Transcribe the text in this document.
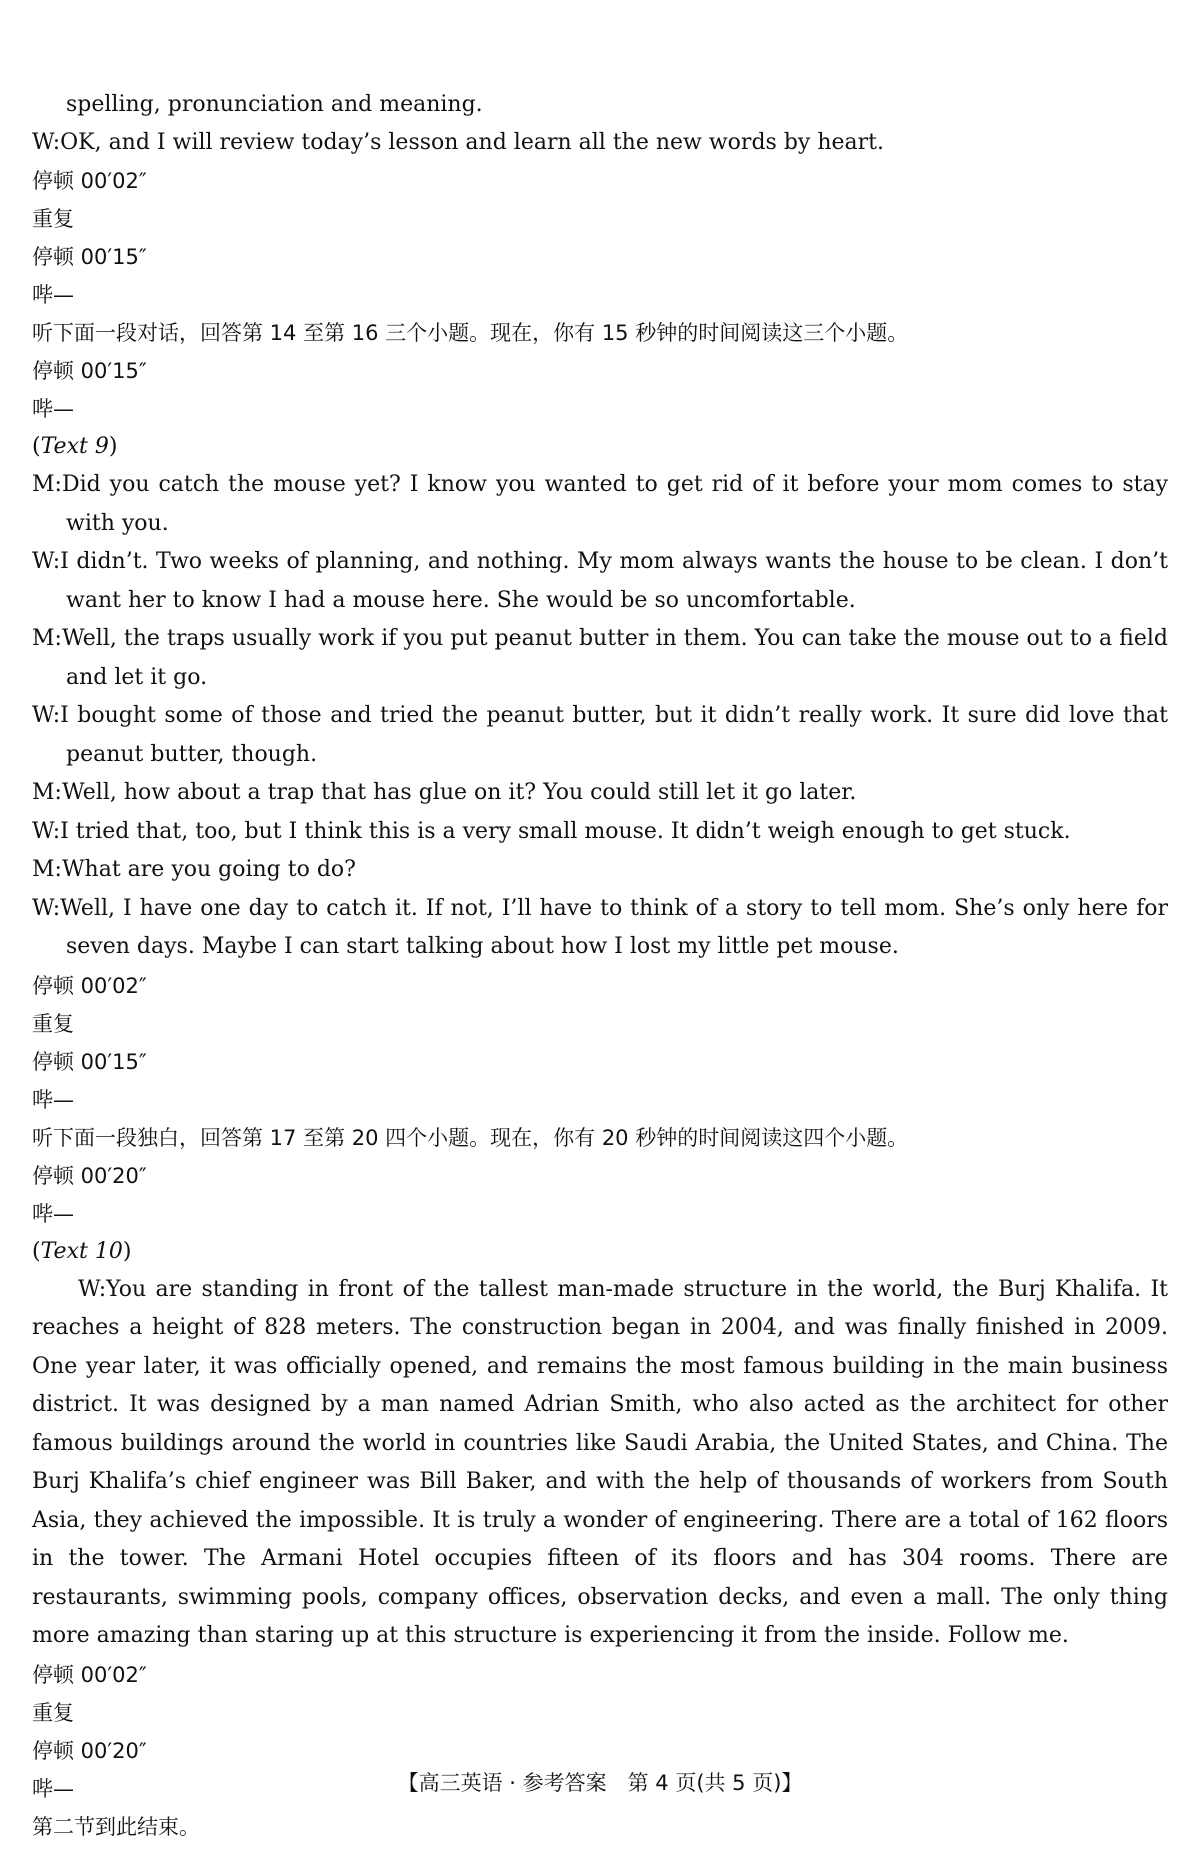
spelling, pronunciation and meaning.
W:OK, and I will review today’s lesson and learn all the new words by heart.
停顿 00′02″
重复
停顿 00′15″
哔—
听下面一段对话，回答第 14 至第 16 三个小题。现在，你有 15 秒钟的时间阅读这三个小题。
停顿 00′15″
哔—
(Text 9)

M:Did you catch the mouse yet? I know you wanted to get rid of it before your mom comes to stay with you.

W:I didn’t. Two weeks of planning, and nothing. My mom always wants the house to be clean. I don’t want her to know I had a mouse here. She would be so uncomfortable.

M:Well, the traps usually work if you put peanut butter in them. You can take the mouse out to a field and let it go.

W:I bought some of those and tried the peanut butter, but it didn’t really work. It sure did love that peanut butter, though.

M:Well, how about a trap that has glue on it? You could still let it go later.

W:I tried that, too, but I think this is a very small mouse. It didn’t weigh enough to get stuck.

M:What are you going to do?

W:Well, I have one day to catch it. If not, I’ll have to think of a story to tell mom. She’s only here for seven days. Maybe I can start talking about how I lost my little pet mouse.

停顿 00′02″
重复
停顿 00′15″
哔—
听下面一段独白，回答第 17 至第 20 四个小题。现在，你有 20 秒钟的时间阅读这四个小题。
停顿 00′20″
哔—
(Text 10)

W:You are standing in front of the tallest man-made structure in the world, the Burj Khalifa. It reaches a height of 828 meters. The construction began in 2004, and was finally finished in 2009. One year later, it was officially opened, and remains the most famous building in the main business district. It was designed by a man named Adrian Smith, who also acted as the architect for other famous buildings around the world in countries like Saudi Arabia, the United States, and China. The Burj Khalifa’s chief engineer was Bill Baker, and with the help of thousands of workers from South Asia, they achieved the impossible. It is truly a wonder of engineering. There are a total of 162 floors in the tower. The Armani Hotel occupies fifteen of its floors and has 304 rooms. There are restaurants, swimming pools, company offices, observation decks, and even a mall. The only thing more amazing than staring up at this structure is experiencing it from the inside. Follow me.

停顿 00′02″
重复
停顿 00′20″
哔—
第二节到此结束。
【高三英语 · 参考答案　第 4 页(共 5 页)】
